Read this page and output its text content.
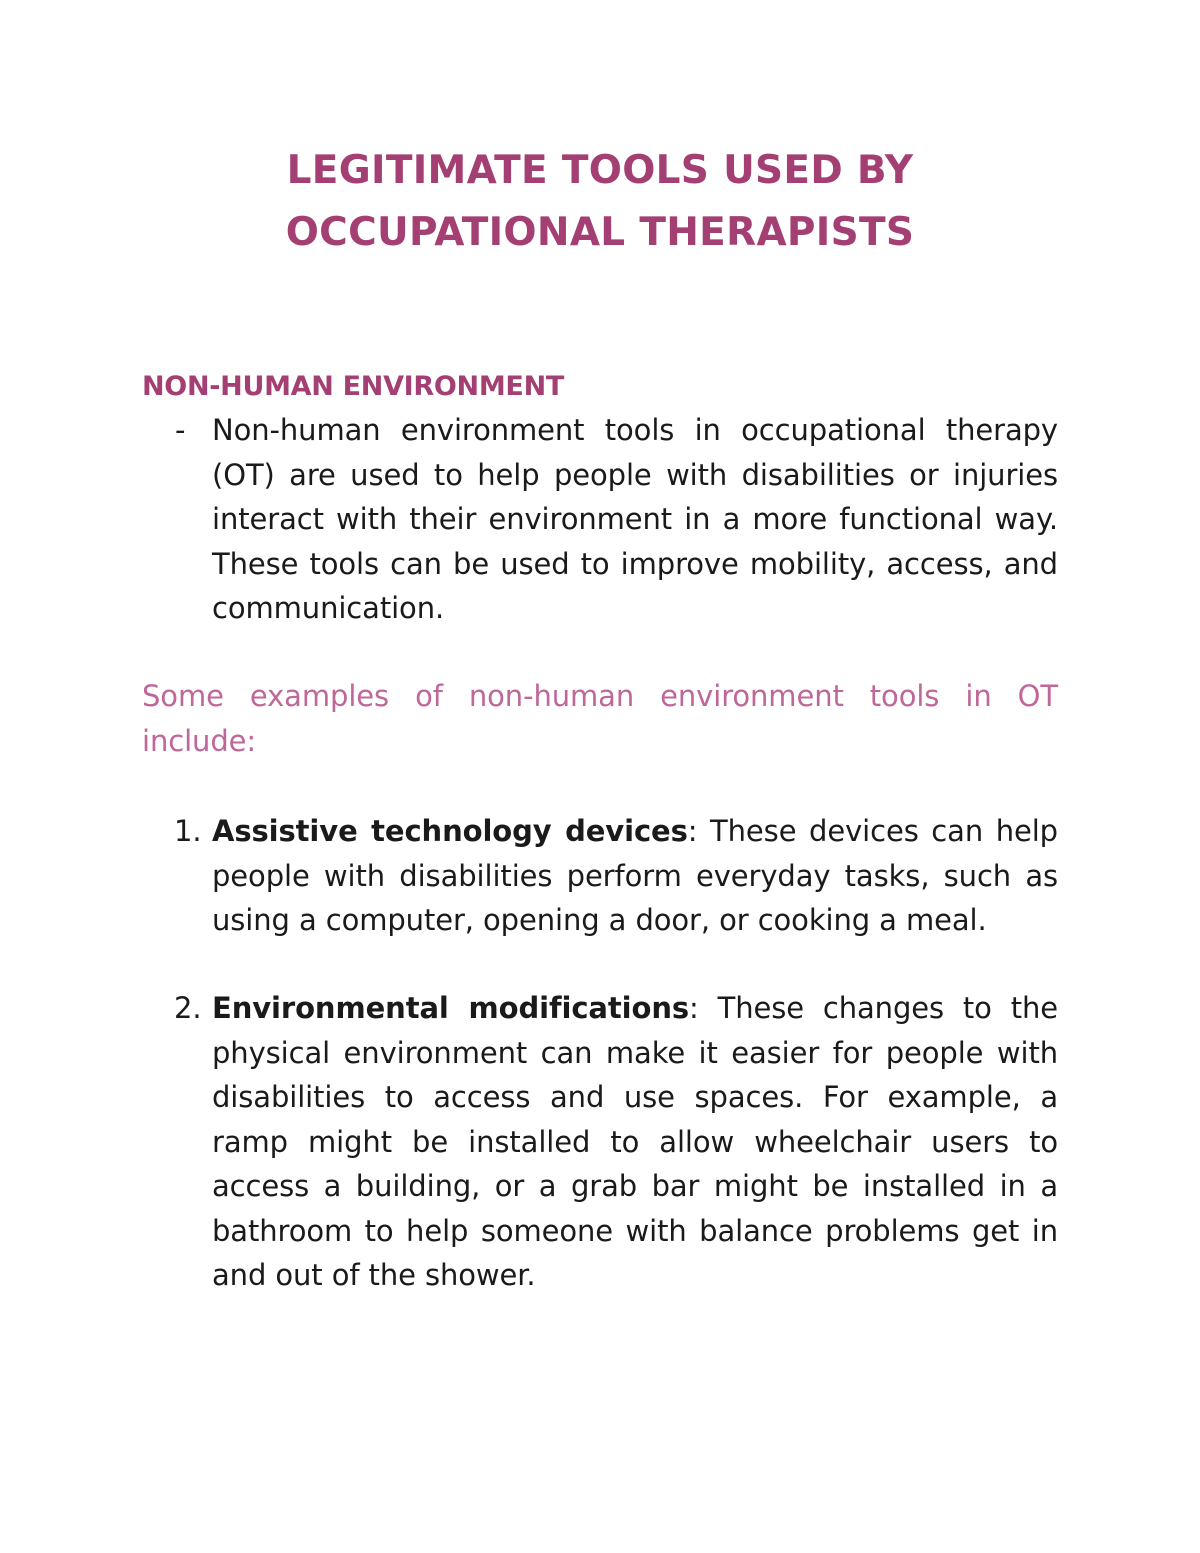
LEGITIMATE TOOLS USED BY
OCCUPATIONAL THERAPISTS
NON-HUMAN ENVIRONMENT
- Non-human environment tools in occupational therapy (OT) are used to help people with disabilities or injuries interact with their environment in a more functional way. These tools can be used to improve mobility, access, and communication.

Some examples of non-human environment tools in OT include:

1. Assistive technology devices: These devices can help people with disabilities perform everyday tasks, such as using a computer, opening a door, or cooking a meal.
2. Environmental modifications: These changes to the physical environment can make it easier for people with disabilities to access and use spaces. For example, a ramp might be installed to allow wheelchair users to access a building, or a grab bar might be installed in a bathroom to help someone with balance problems get in and out of the shower.
